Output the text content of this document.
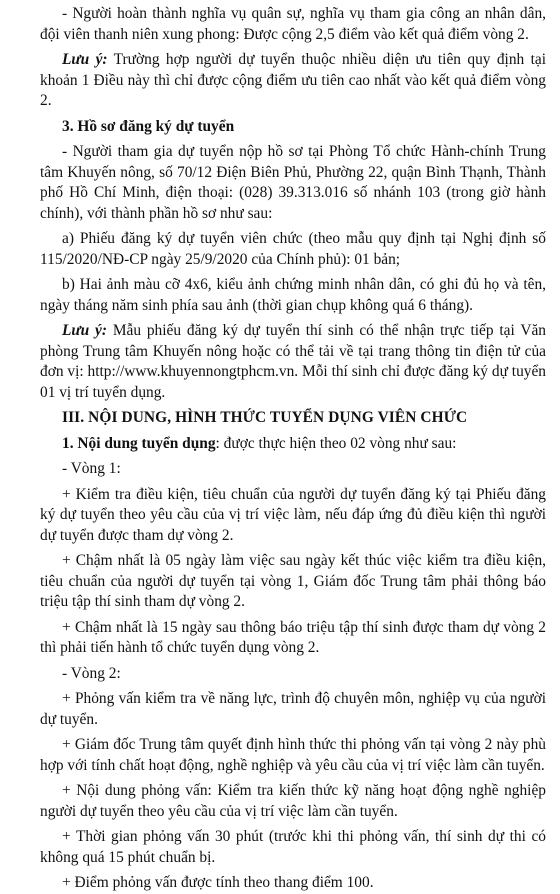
- Người hoàn thành nghĩa vụ quân sự, nghĩa vụ tham gia công an nhân dân, đội viên thanh niên xung phong: Được cộng 2,5 điểm vào kết quả điểm vòng 2.

Lưu ý: Trường hợp người dự tuyển thuộc nhiều diện ưu tiên quy định tại khoản 1 Điều này thì chỉ được cộng điểm ưu tiên cao nhất vào kết quả điểm vòng 2.

3. Hồ sơ đăng ký dự tuyển

- Người tham gia dự tuyển nộp hồ sơ tại Phòng Tổ chức Hành-chính Trung tâm Khuyến nông, số 70/12 Điện Biên Phủ, Phường 22, quận Bình Thạnh, Thành phố Hồ Chí Minh, điện thoại: (028) 39.313.016 số nhánh 103 (trong giờ hành chính), với thành phần hồ sơ như sau:

a) Phiếu đăng ký dự tuyển viên chức (theo mẫu quy định tại Nghị định số 115/2020/NĐ-CP ngày 25/9/2020 của Chính phủ): 01 bản;

b) Hai ảnh màu cỡ 4x6, kiểu ảnh chứng minh nhân dân, có ghi đủ họ và tên, ngày tháng năm sinh phía sau ảnh (thời gian chụp không quá 6 tháng).

Lưu ý: Mẫu phiếu đăng ký dự tuyển thí sinh có thể nhận trực tiếp tại Văn phòng Trung tâm Khuyến nông hoặc có thể tải về tại trang thông tin điện tử của đơn vị: http://www.khuyennongtphcm.vn. Mỗi thí sinh chỉ được đăng ký dự tuyển 01 vị trí tuyển dụng.

III. NỘI DUNG, HÌNH THỨC TUYỂN DỤNG VIÊN CHỨC

1. Nội dung tuyển dụng: được thực hiện theo 02 vòng như sau:

- Vòng 1:

+ Kiểm tra điều kiện, tiêu chuẩn của người dự tuyển đăng ký tại Phiếu đăng ký dự tuyển theo yêu cầu của vị trí việc làm, nếu đáp ứng đủ điều kiện thì người dự tuyển được tham dự vòng 2.

+ Chậm nhất là 05 ngày làm việc sau ngày kết thúc việc kiểm tra điều kiện, tiêu chuẩn của người dự tuyển tại vòng 1, Giám đốc Trung tâm phải thông báo triệu tập thí sinh tham dự vòng 2.

+ Chậm nhất là 15 ngày sau thông báo triệu tập thí sinh được tham dự vòng 2 thì phải tiến hành tổ chức tuyển dụng vòng 2.

- Vòng 2:

+ Phỏng vấn kiểm tra về năng lực, trình độ chuyên môn, nghiệp vụ của người dự tuyển.

+ Giám đốc Trung tâm quyết định hình thức thi phỏng vấn tại vòng 2 này phù hợp với tính chất hoạt động, nghề nghiệp và yêu cầu của vị trí việc làm cần tuyển.

+ Nội dung phỏng vấn: Kiểm tra kiến thức kỹ năng hoạt động nghề nghiệp người dự tuyển theo yêu cầu của vị trí việc làm cần tuyển.

+ Thời gian phỏng vấn 30 phút (trước khi thi phỏng vấn, thí sinh dự thi có không quá 15 phút chuẩn bị.

+ Điểm phỏng vấn được tính theo thang điểm 100.
